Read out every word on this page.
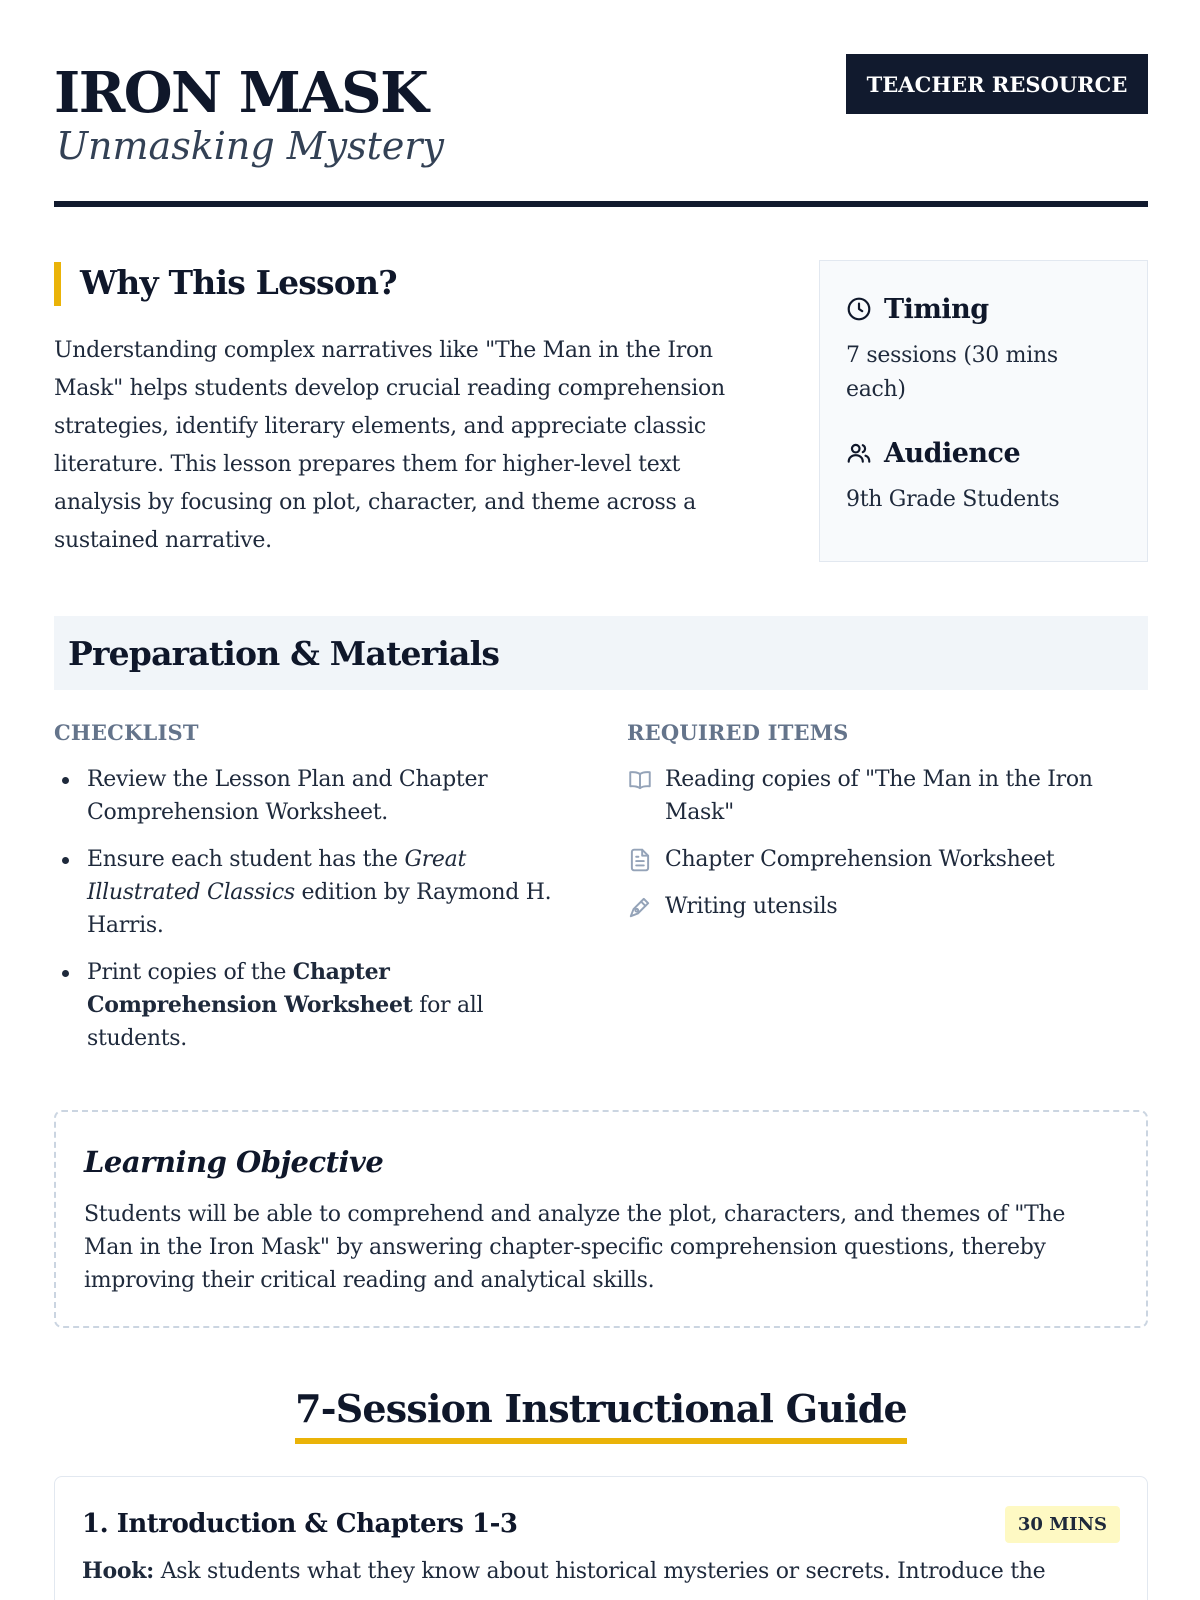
IRON MASK
Unmasking Mystery
TEACHER RESOURCE
Why This Lesson?

Understanding complex narratives like "The Man in the Iron Mask" helps students develop crucial reading comprehension strategies, identify literary elements, and appreciate classic literature. This lesson prepares them for higher-level text analysis by focusing on plot, character, and theme across a sustained narrative.

Timing
7 sessions (30 mins each)
Audience
9th Grade Students
Preparation & Materials
CHECKLIST
Review the Lesson Plan and Chapter Comprehension Worksheet.
Ensure each student has the Great Illustrated Classics edition by Raymond H. Harris.
Print copies of the Chapter Comprehension Worksheet for all students.
REQUIRED ITEMS
Reading copies of "The Man in the Iron Mask"
Chapter Comprehension Worksheet
Writing utensils
Learning Objective

Students will be able to comprehend and analyze the plot, characters, and themes of "The Man in the Iron Mask" by answering chapter-specific comprehension questions, thereby improving their critical reading and analytical skills.

7-Session Instructional Guide
1. Introduction & Chapters 1-3	30 MINS

Hook: Ask students what they know about historical mysteries or secrets. Introduce the
